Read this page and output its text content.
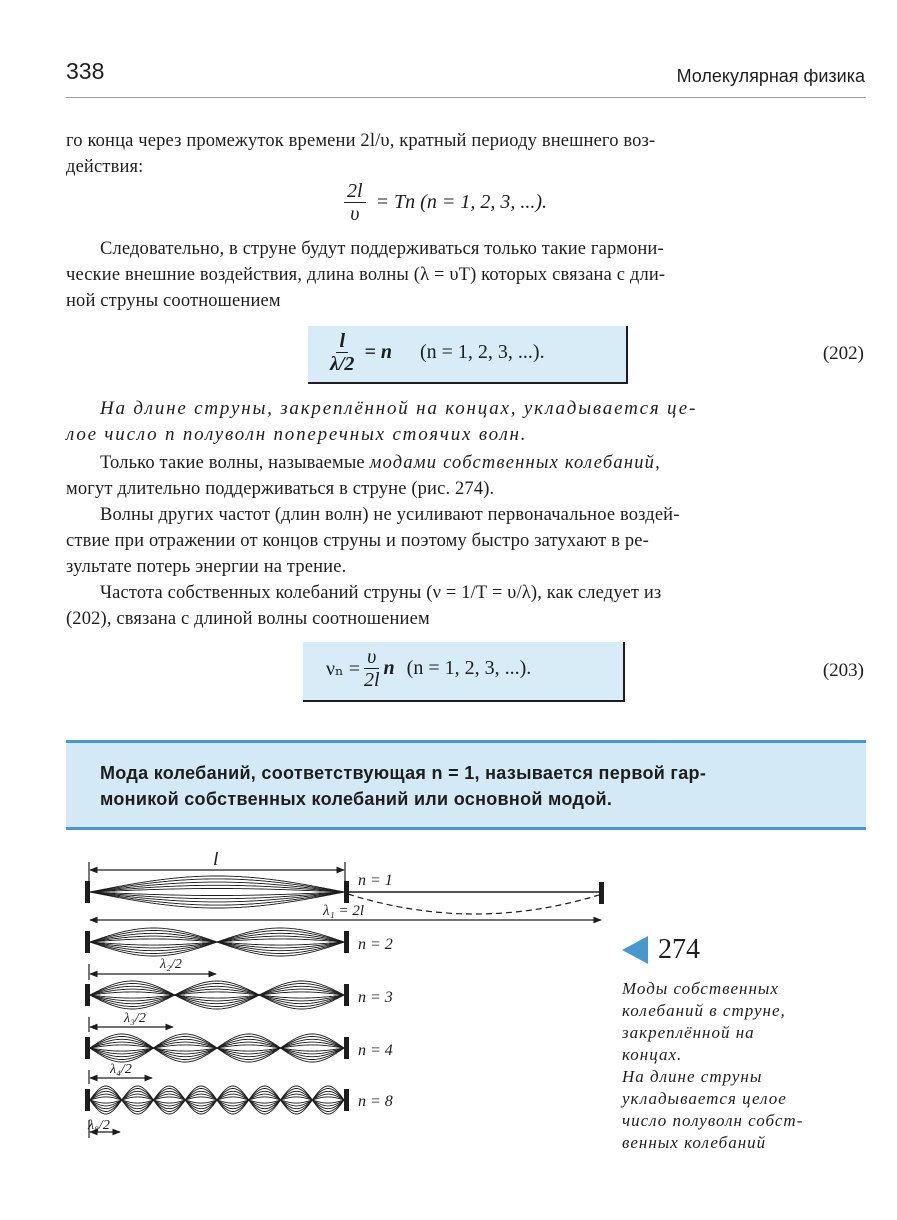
338	Молекулярная физика
го конца через промежуток времени 2l/υ, кратный периоду внешнего воз-
действия:
$\frac{2l}{\upsilon} = Tn$ (n = 1, 2, 3, ...).
Следовательно, в струне будут поддерживаться только такие гармони-
ческие внешние воздействия, длина волны (λ = υT) которых связана с дли-
ной струны соотношением
$\frac{l}{\lambda/2} = n$ (n = 1, 2, 3, ...).	(202)
На длине струны, закреплённой на концах, укладывается це-
лое число n полуволн поперечных стоячих волн.
Только такие волны, называемые модами собственных колебаний,
могут длительно поддерживаться в струне (рис. 274).
Волны других частот (длин волн) не усиливают первоначальное воздей-
ствие при отражении от концов струны и поэтому быстро затухают в ре-
зультате потерь энергии на трение.
Частота собственных колебаний струны (ν = 1/T = υ/λ), как следует из
(202), связана с длиной волны соотношением
$\nu_n = \frac{\upsilon}{2l}$ n (n = 1, 2, 3, ...).	(203)
Мода колебаний, соответствующая n = 1, называется первой гар-
моникой собственных колебаний или основной модой.
l
λ₁ = 2l
λ₂/2
λ₃/2
λ₄/2
λ₈/2
n = 1
n = 2
n = 3
n = 4
n = 8
274
Моды собственных
колебаний в струне,
закреплённой на
концах.
На длине струны
укладывается целое
число полуволн собст-
венных колебаний
